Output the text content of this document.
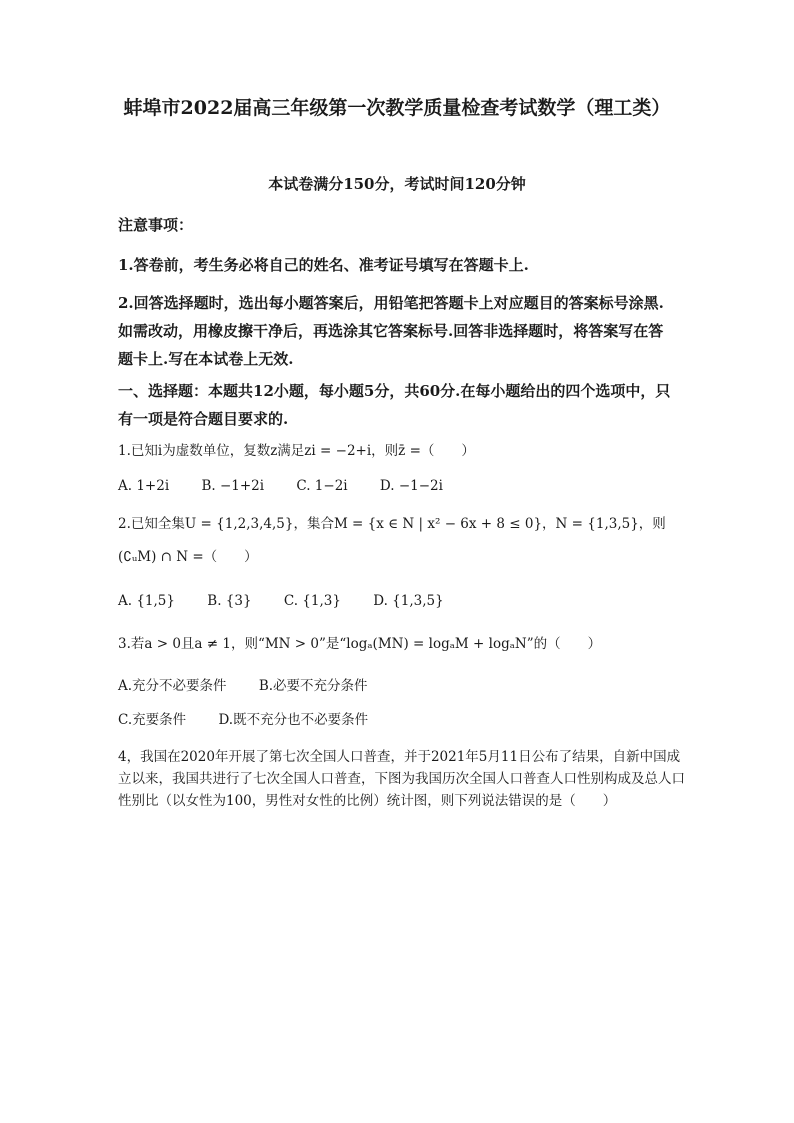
蚌埠市2022届高三年级第一次教学质量检查考试数学（理工类）
本试卷满分150分，考试时间120分钟
注意事项：
1.答卷前，考生务必将自己的姓名、准考证号填写在答题卡上.
2.回答选择题时，选出每小题答案后，用铅笔把答题卡上对应题目的答案标号涂黑.如需改动，用橡皮擦干净后，再选涂其它答案标号.回答非选择题时，将答案写在答题卡上.写在本试卷上无效.
一、选择题：本题共12小题，每小题5分，共60分.在每小题给出的四个选项中，只有一项是符合题目要求的.
1.已知i为虚数单位，复数z满足zi = −2+i，则z̄ =（　　）
A. 1+2i B. −1+2i C. 1−2i D. −1−2i
2.已知全集U = {1,2,3,4,5}，集合M = {x ∈ N | x² − 6x + 8 ≤ 0}，N = {1,3,5}，则
(∁ᵤM) ∩ N =（　　）
A. {1,5} B. {3} C. {1,3} D. {1,3,5}
3.若a > 0且a ≠ 1，则“MN > 0”是“logₐ(MN) = logₐM + logₐN”的（　　）
A.充分不必要条件 B.必要不充分条件
C.充要条件 D.既不充分也不必要条件
4，我国在2020年开展了第七次全国人口普查，并于2021年5月11日公布了结果，自新中国成立以来，我国共进行了七次全国人口普查，下图为我国历次全国人口普查人口性别构成及总人口性别比（以女性为100，男性对女性的比例）统计图，则下列说法错误的是（　　）
